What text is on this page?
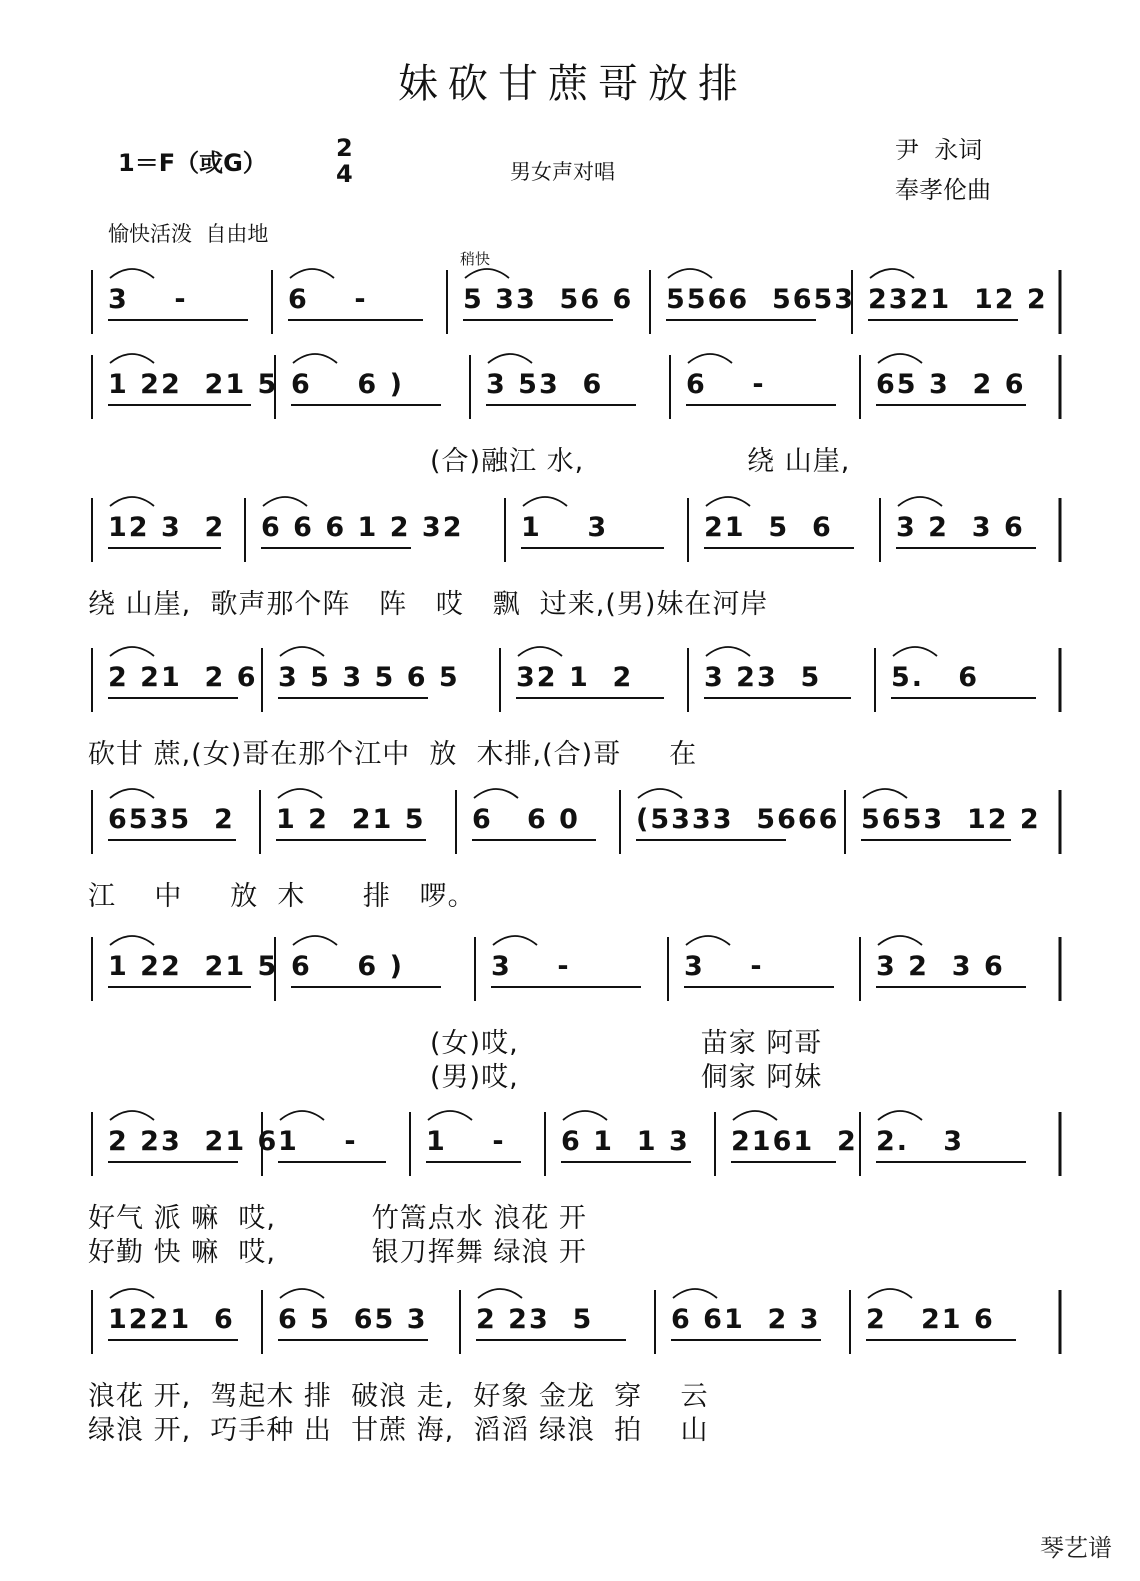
妹砍甘蔗哥放排
1＝F（或G）
2
4	男女声对唱
尹  永词
奉孝伦曲
愉快活泼  自由地
稍快
3    -	6    -	5 33  56 6 5566  5653 2321  12 2
1 22  21 5 6    6 )	3 53  6	6    -	65 3  2 6
(合)融江 水,                 绕 山崖,
12 3  2 6 6 6 1 2 32 1    3	21  5  6 3 2  3 6
绕 山崖,  歌声那个阵   阵   哎   飘  过来,(男)妹在河岸
2 21  2 6 3 5 3 5 6 5 32 1  2	3 23  5	5.   6
砍甘 蔗,(女)哥在那个江中  放  木排,(合)哥     在
6535  2 1 2  21 5 6   6 0 (5333  5666 5653  12 2
江    中     放  木      排   啰。
1 22  21 5 6    6 )	3    -	3    -	3 2  3 6
(女)哎,                   苗家 阿哥
(男)哎,                   侗家 阿妹
2 23  21 6 1    -	1    - 6 1  1 3 2161  2 2.   3
好气 派 嘛  哎,          竹篙点水 浪花 开
好勤 快 嘛  哎,          银刀挥舞 绿浪 开
1221  6 6 5  65 3 2 23  5	6 61  2 3 2   21 6
浪花 开,  驾起木 排  破浪 走,  好象 金龙  穿    云
绿浪 开,  巧手种 出  甘蔗 海,  滔滔 绿浪  拍    山
琴艺谱
